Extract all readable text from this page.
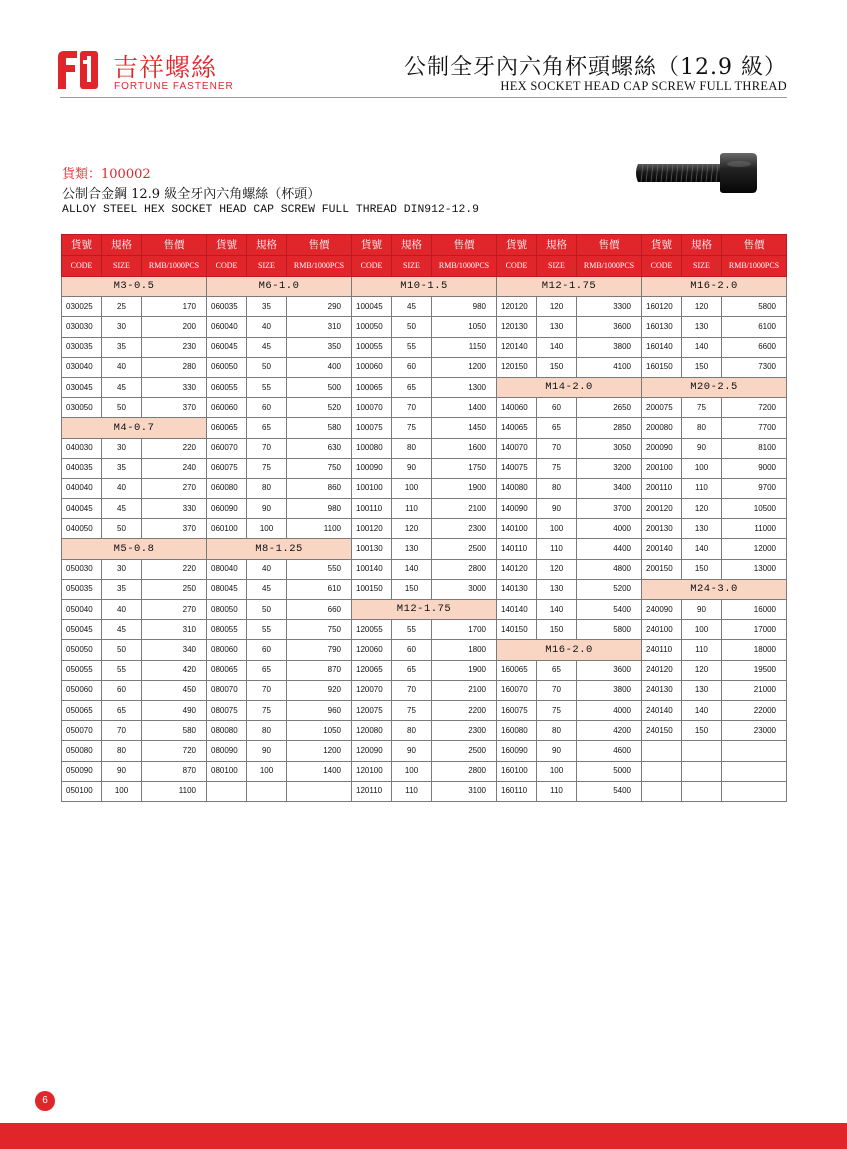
吉祥螺絲
FORTUNE FASTENER
公制全牙內六角杯頭螺絲（12.9 級）
HEX SOCKET HEAD CAP SCREW FULL THREAD
貨類：100002
公制合金鋼 12.9 級全牙內六角螺絲（杯頭）
ALLOY STEEL HEX SOCKET HEAD CAP SCREW FULL THREAD DIN912-12.9
貨號	規格	售價	貨號	規格	售價	貨號	規格	售價	貨號	規格	售價	貨號	規格	售價
CODE	SIZE	RMB/1000PCS	CODE	SIZE	RMB/1000PCS	CODE	SIZE	RMB/1000PCS	CODE	SIZE	RMB/1000PCS	CODE	SIZE	RMB/1000PCS
M3-0.5			M6-1.0			M10-1.5			M12-1.75			M16-2.0		
030025	25	170	060035	35	290	100045	45	980	120120	120	3300	160120	120	5800
030030	30	200	060040	40	310	100050	50	1050	120130	130	3600	160130	130	6100
030035	35	230	060045	45	350	100055	55	1150	120140	140	3800	160140	140	6600
030040	40	280	060050	50	400	100060	60	1200	120150	150	4100	160150	150	7300
030045	45	330	060055	55	500	100065	65	1300	M14-2.0			M20-2.5		
030050	50	370	060060	60	520	100070	70	1400	140060	60	2650	200075	75	7200
M4-0.7			060065	65	580	100075	75	1450	140065	65	2850	200080	80	7700
040030	30	220	060070	70	630	100080	80	1600	140070	70	3050	200090	90	8100
040035	35	240	060075	75	750	100090	90	1750	140075	75	3200	200100	100	9000
040040	40	270	060080	80	860	100100	100	1900	140080	80	3400	200110	110	9700
040045	45	330	060090	90	980	100110	110	2100	140090	90	3700	200120	120	10500
040050	50	370	060100	100	1100	100120	120	2300	140100	100	4000	200130	130	11000
M5-0.8			M8-1.25			100130	130	2500	140110	110	4400	200140	140	12000
050030	30	220	080040	40	550	100140	140	2800	140120	120	4800	200150	150	13000
050035	35	250	080045	45	610	100150	150	3000	140130	130	5200	M24-3.0		
050040	40	270	080050	50	660	M12-1.75			140140	140	5400	240090	90	16000
050045	45	310	080055	55	750	120055	55	1700	140150	150	5800	240100	100	17000
050050	50	340	080060	60	790	120060	60	1800	M16-2.0			240110	110	18000
050055	55	420	080065	65	870	120065	65	1900	160065	65	3600	240120	120	19500
050060	60	450	080070	70	920	120070	70	2100	160070	70	3800	240130	130	21000
050065	65	490	080075	75	960	120075	75	2200	160075	75	4000	240140	140	22000
050070	70	580	080080	80	1050	120080	80	2300	160080	80	4200	240150	150	23000
050080	80	720	080090	90	1200	120090	90	2500	160090	90	4600			
050090	90	870	080100	100	1400	120100	100	2800	160100	100	5000			
050100	100	1100				120110	110	3100	160110	110	5400			
6
